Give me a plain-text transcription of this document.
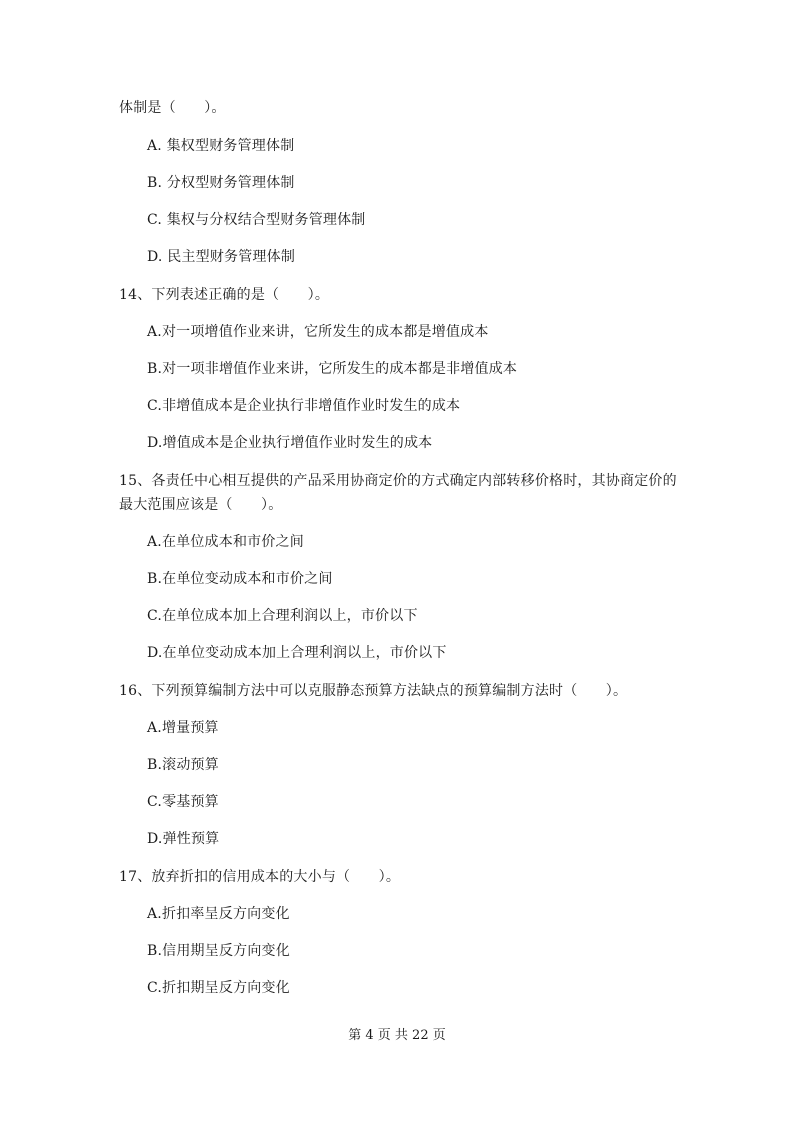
体制是（　　）。
A. 集权型财务管理体制
B. 分权型财务管理体制
C. 集权与分权结合型财务管理体制
D. 民主型财务管理体制
14、下列表述正确的是（　　）。
A.对一项增值作业来讲，它所发生的成本都是增值成本
B.对一项非增值作业来讲，它所发生的成本都是非增值成本
C.非增值成本是企业执行非增值作业时发生的成本
D.增值成本是企业执行增值作业时发生的成本
15、各责任中心相互提供的产品采用协商定价的方式确定内部转移价格时，其协商定价的
最大范围应该是（　　）。
A.在单位成本和市价之间
B.在单位变动成本和市价之间
C.在单位成本加上合理利润以上，市价以下
D.在单位变动成本加上合理利润以上，市价以下
16、下列预算编制方法中可以克服静态预算方法缺点的预算编制方法时（　　）。
A.增量预算
B.滚动预算
C.零基预算
D.弹性预算
17、放弃折扣的信用成本的大小与（　　）。
A.折扣率呈反方向变化
B.信用期呈反方向变化
C.折扣期呈反方向变化
第 4 页 共 22 页
